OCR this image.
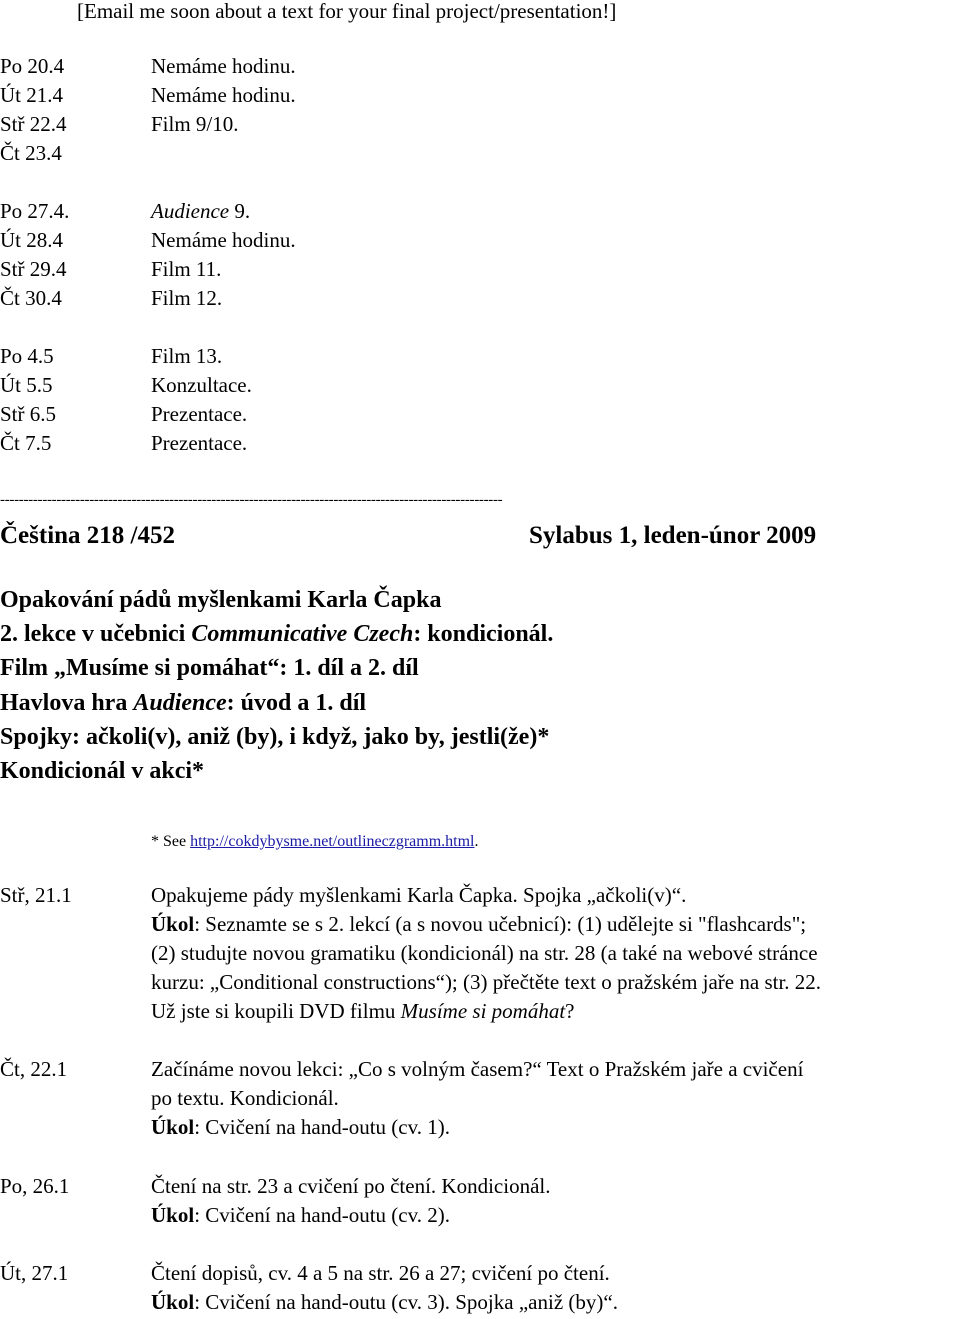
[Email me soon about a text for your final project/presentation!]
Po 20.4	Nemáme hodinu.
Út 21.4	Nemáme hodinu.
Stř 22.4	Film 9/10.
Čt 23.4
Po 27.4.	Audience 9.
Út 28.4	Nemáme hodinu.
Stř 29.4	Film 11.
Čt 30.4	Film 12.
Po 4.5	Film 13.
Út 5.5	Konzultace.
Stř 6.5	Prezentace.
Čt 7.5	Prezentace.
-----------------------------------------------------------------------------------------------------------
Čeština 218 /452	Sylabus 1, leden-únor 2009
Opakování pádů myšlenkami Karla Čapka
2. lekce v učebnici Communicative Czech: kondicionál.
Film „Musíme si pomáhat“: 1. díl a 2. díl
Havlova hra Audience: úvod a 1. díl
Spojky: ačkoli(v), aniž (by), i když, jako by, jestli(že)*
Kondicionál v akci*
* See http://cokdybysme.net/outlineczgramm.html.
Stř, 21.1	Opakujeme pády myšlenkami Karla Čapka. Spojka „ačkoli(v)“.
Úkol: Seznamte se s 2. lekcí (a s novou učebnicí): (1) udělejte si "flashcards";
(2) studujte novou gramatiku (kondicionál) na str. 28 (a také na webové stránce
kurzu: „Conditional constructions“); (3) přečtěte text o pražském jaře na str. 22.
Už jste si koupili DVD filmu Musíme si pomáhat?
Čt, 22.1	Začínáme novou lekci: „Co s volným časem?“ Text o Pražském jaře a cvičení
po textu. Kondicionál.
Úkol: Cvičení na hand-outu (cv. 1).
Po, 26.1	Čtení na str. 23 a cvičení po čtení. Kondicionál.
Úkol: Cvičení na hand-outu (cv. 2).
Út, 27.1	Čtení dopisů, cv. 4 a 5 na str. 26 a 27; cvičení po čtení.
Úkol: Cvičení na hand-outu (cv. 3). Spojka „aniž (by)“.
